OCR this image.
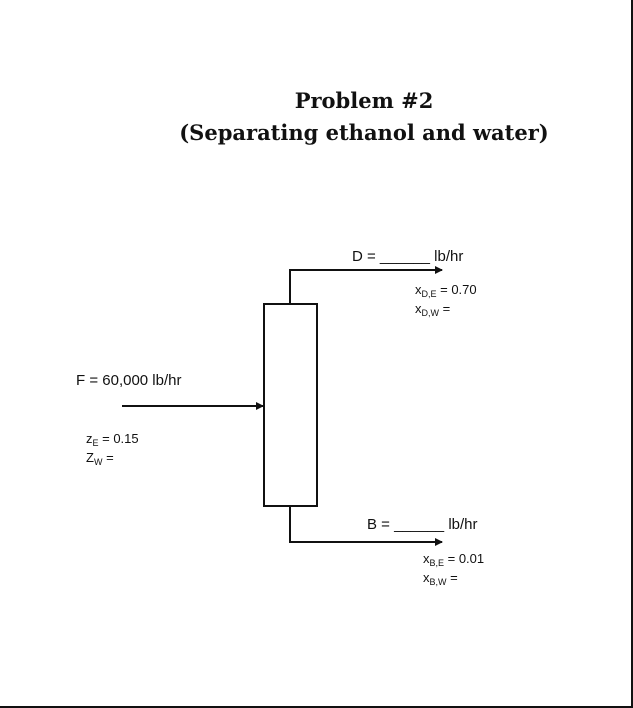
Problem #2
(Separating ethanol and water)
D = ______ lb/hr
$x_{D,E} = 0.70$
$x_{D,W}$ =
F = 60,000 lb/hr
$z_E = 0.15$
$Z_W$ =
B = ______ lb/hr
$x_{B,E} = 0.01$
$x_{B,W}$ =
